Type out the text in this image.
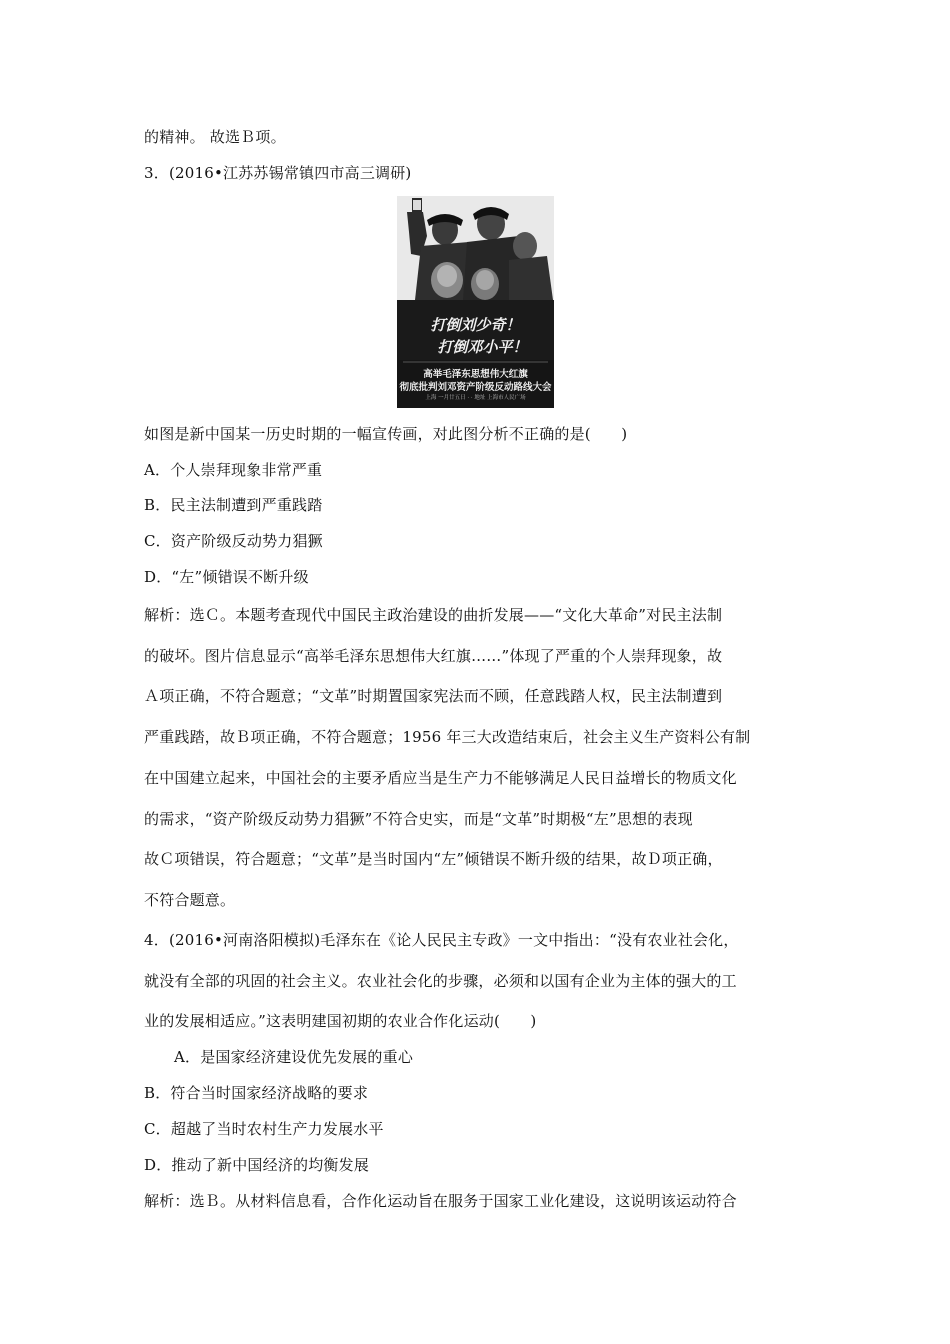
的精神。 故选Ｂ项。
3．(2016•江苏苏锡常镇四市高三调研)
打倒刘少奇！
打倒邓小平！
高举毛泽东思想伟大红旗
彻底批判刘邓资产阶级反动路线大会
上海 一月廿五日 · · 地址 上海市人民广场
如图是新中国某一历史时期的一幅宣传画，对此图分析不正确的是(　　)
A．个人崇拜现象非常严重
B．民主法制遭到严重践踏
C．资产阶级反动势力猖獗
D．“左”倾错误不断升级
解析：选Ｃ。本题考查现代中国民主政治建设的曲折发展——“文化大革命”对民主法制
的破坏。图片信息显示“高举毛泽东思想伟大红旗……”体现了严重的个人崇拜现象，故
Ａ项正确，不符合题意；“文革”时期置国家宪法而不顾，任意践踏人权，民主法制遭到
严重践踏，故Ｂ项正确，不符合题意；1956 年三大改造结束后，社会主义生产资料公有制
在中国建立起来，中国社会的主要矛盾应当是生产力不能够满足人民日益增长的物质文化
的需求，“资产阶级反动势力猖獗”不符合史实，而是“文革”时期极“左”思想的表现
故Ｃ项错误，符合题意；“文革”是当时国内“左”倾错误不断升级的结果，故Ｄ项正确，
不符合题意。
4．(2016•河南洛阳模拟)毛泽东在《论人民民主专政》一文中指出：“没有农业社会化，
就没有全部的巩固的社会主义。农业社会化的步骤，必须和以国有企业为主体的强大的工
业的发展相适应。”这表明建国初期的农业合作化运动(　　)
A．是国家经济建设优先发展的重心
B．符合当时国家经济战略的要求
C．超越了当时农村生产力发展水平
D．推动了新中国经济的均衡发展
解析：选Ｂ。从材料信息看，合作化运动旨在服务于国家工业化建设，这说明该运动符合
